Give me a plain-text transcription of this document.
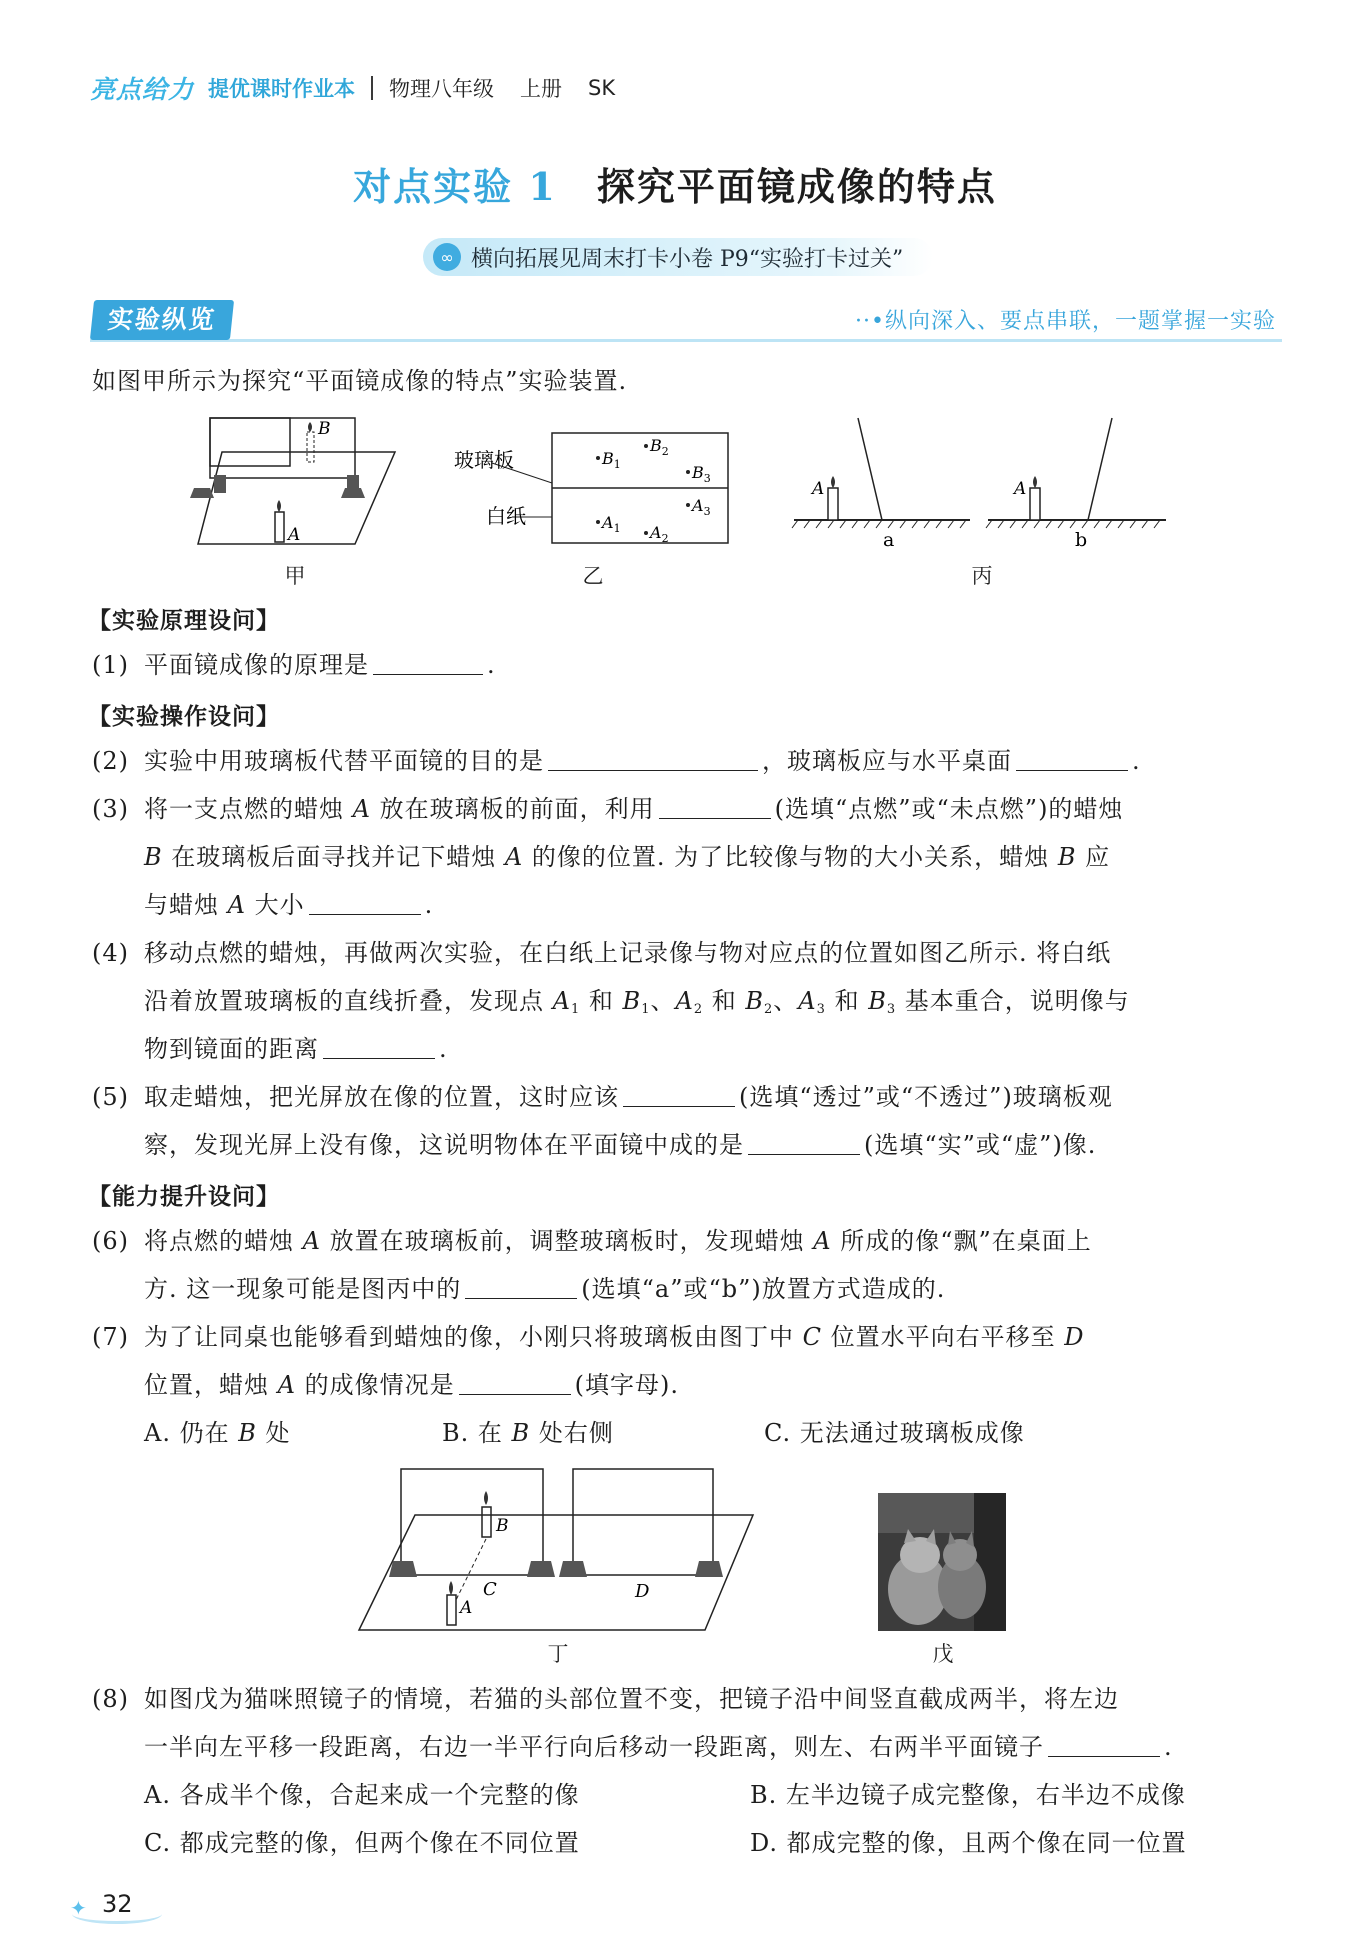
亮点给力 提优课时作业本 物理八年级 上册 SK
对点实验 1 探究平面镜成像的特点
∞ 横向拓展见周末打卡小卷 P9“实验打卡过关”
实验纵览	··•纵向深入、要点串联，一题掌握一实验
如图甲所示为探究“平面镜成像的特点”实验装置.
B
A
甲
玻璃板
白纸
$B_1$
$B_2$
$B_3$
$A_3$
$A_1$ $A_2$
乙
A
a
A
b
丙
【实验原理设问】
(1) 平面镜成像的原理是	.
【实验操作设问】
(2) 实验中用玻璃板代替平面镜的目的是	，玻璃板应与水平桌面	.
(3) 将一支点燃的蜡烛 A 放在玻璃板的前面，利用	(选填“点燃”或“未点燃”)的蜡烛
B 在玻璃板后面寻找并记下蜡烛 A 的像的位置. 为了比较像与物的大小关系，蜡烛 B 应
与蜡烛 A 大小	.
(4) 移动点燃的蜡烛，再做两次实验，在白纸上记录像与物对应点的位置如图乙所示. 将白纸
沿着放置玻璃板的直线折叠，发现点 $A_1$ 和 $B_1$、$A_2$ 和 $B_2$、$A_3$ 和 $B_3$ 基本重合，说明像与
物到镜面的距离	.
(5) 取走蜡烛，把光屏放在像的位置，这时应该	(选填“透过”或“不透过”)玻璃板观
察，发现光屏上没有像，这说明物体在平面镜中成的是	(选填“实”或“虚”)像.
【能力提升设问】
(6) 将点燃的蜡烛 A 放置在玻璃板前，调整玻璃板时，发现蜡烛 A 所成的像“飘”在桌面上
方. 这一现象可能是图丙中的	(选填“a”或“b”)放置方式造成的.
(7) 为了让同桌也能够看到蜡烛的像，小刚只将玻璃板由图丁中 C 位置水平向右平移至 D
位置，蜡烛 A 的成像情况是	(填字母).
A. 仍在 B 处	B. 在 B 处右侧	C. 无法通过玻璃板成像
B
A
C	D
丁	戊
(8) 如图戊为猫咪照镜子的情境，若猫的头部位置不变，把镜子沿中间竖直截成两半，将左边
一半向左平移一段距离，右边一半平行向后移动一段距离，则左、右两半平面镜子	.
A. 各成半个像，合起来成一个完整的像	B. 左半边镜子成完整像，右半边不成像
C. 都成完整的像，但两个像在不同位置	D. 都成完整的像，且两个像在同一位置
✦ 32
